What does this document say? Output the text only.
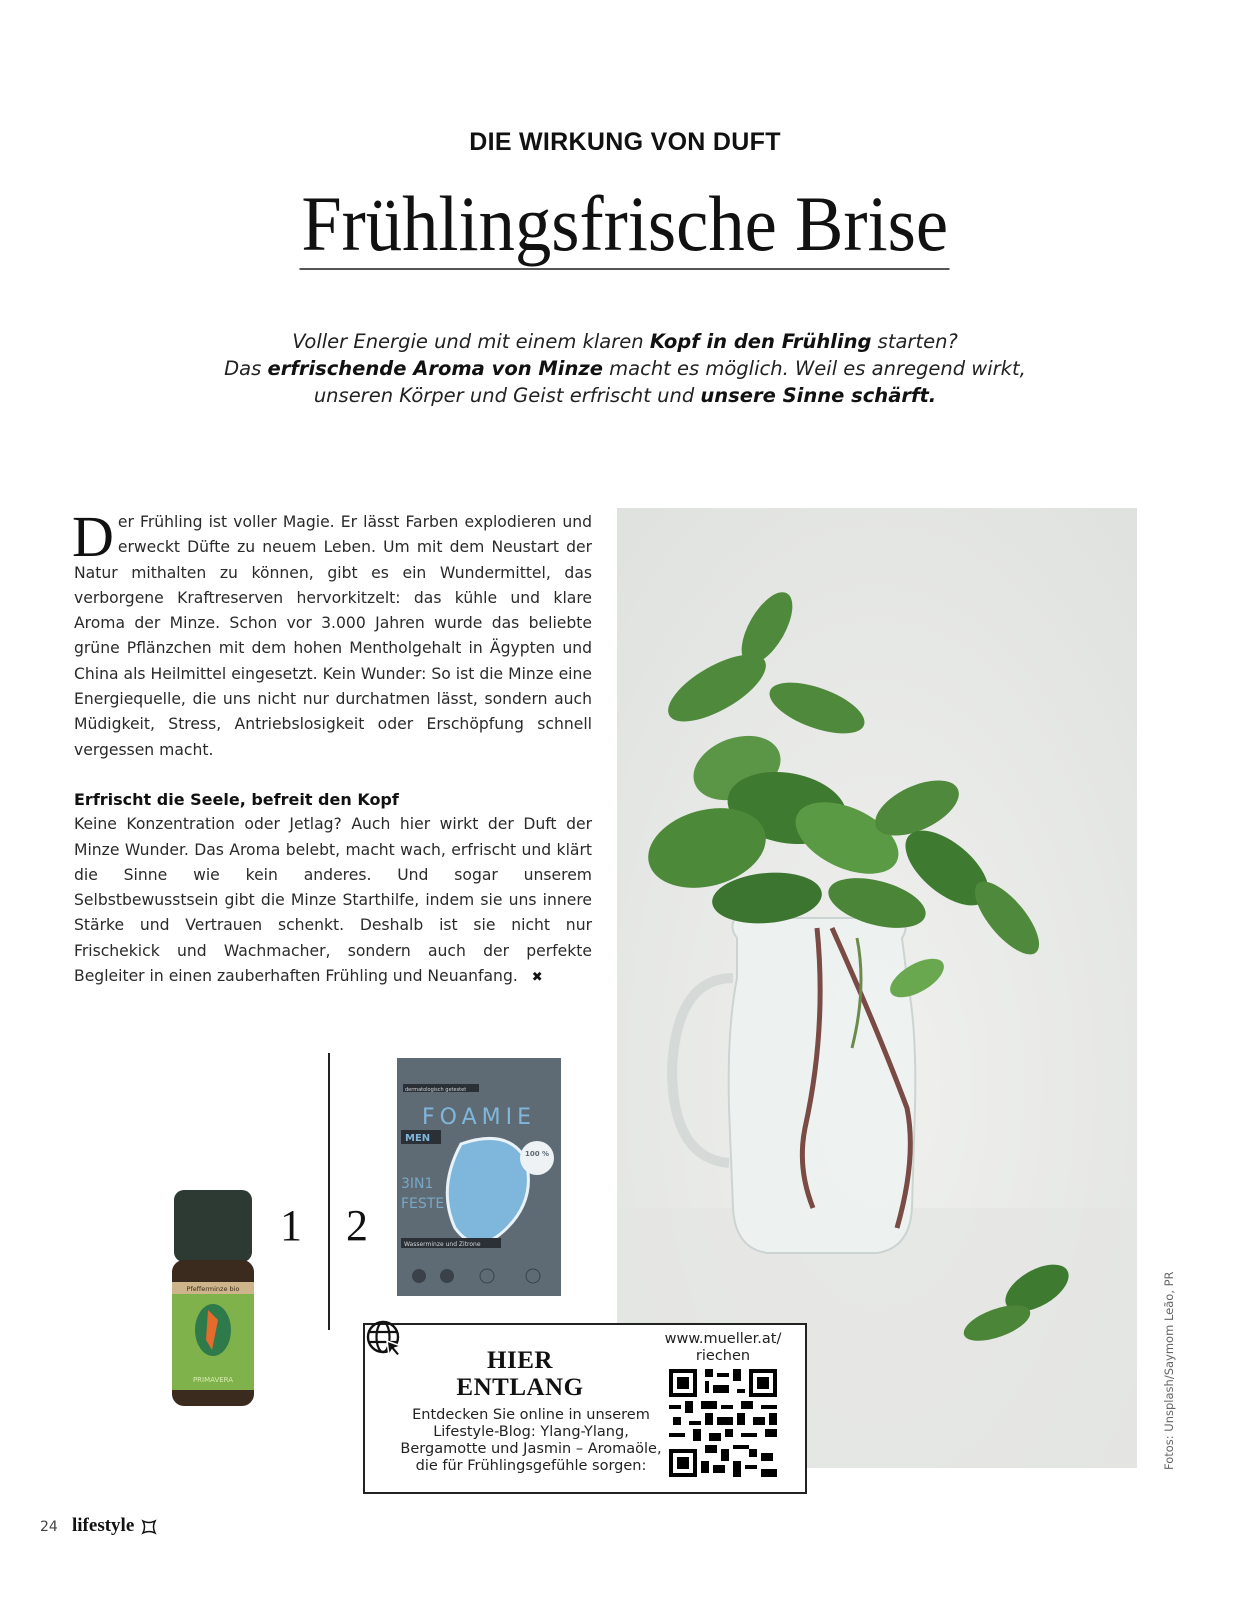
DIE WIRKUNG VON DUFT
Frühlingsfrische Brise
Voller Energie und mit einem klaren Kopf in den Frühling starten?
Das erfrischende Aroma von Minze macht es möglich. Weil es anregend wirkt,
unseren Körper und Geist erfrischt und unsere Sinne schärft.

Der Frühling ist voller Magie. Er lässt Farben explodieren und erweckt Düfte zu neuem Leben. Um mit dem Neustart der Natur mithalten zu können, gibt es ein Wundermittel, das verborgene Kraftreserven hervorkitzelt: das kühle und klare Aroma der Minze. Schon vor 3.000 Jahren wurde das beliebte grüne Pflänzchen mit dem hohen Mentholgehalt in Ägypten und China als Heilmittel eingesetzt. Kein Wunder: So ist die Minze eine Energiequelle, die uns nicht nur durchatmen lässt, sondern auch Müdigkeit, Stress, Antriebslosigkeit oder Erschöpfung schnell vergessen macht.

Erfrischt die Seele, befreit den Kopf

Keine Konzentration oder Jetlag? Auch hier wirkt der Duft der Minze Wunder. Das Aroma belebt, macht wach, erfrischt und klärt die Sinne wie kein anderes. Und sogar unserem Selbstbewusstsein gibt die Minze Starthilfe, indem sie uns innere Stärke und Vertrauen schenkt. Deshalb ist sie nicht nur Frischekick und Wachmacher, sondern auch der perfekte Begleiter in einen zauberhaften Frühling und Neuanfang. ✖

Fotos: Unsplash/Saymom Leão, PR
1 2
Pfefferminze bio
PRIMAVERA
dermatologisch getestet
FOAMIE
MEN
100 %
3IN1
FESTE
Wasserminze und Zitrone
HIER
ENTLANG
Entdecken Sie online in unserem Lifestyle-Blog: Ylang-Ylang, Bergamotte und Jasmin – Aromaöle, die für Frühlingsgefühle sorgen:
www.mueller.at/
riechen
24 lifestyle
